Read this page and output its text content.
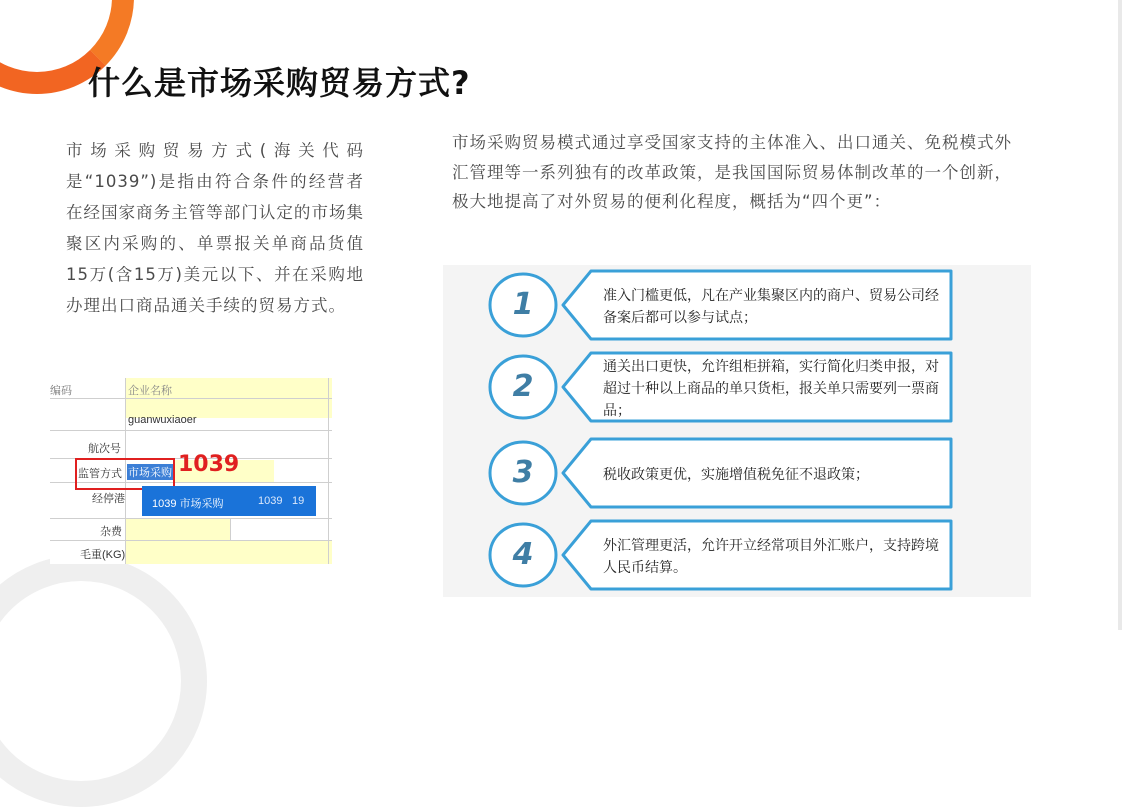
什么是市场采购贸易方式?
市场采购贸易方式(海关代码是“1039”)是指由符合条件的经营者在经国家商务主管等部门认定的市场集聚区内采购的、单票报关单商品货值15万(含15万)美元以下、并在采购地办理出口商品通关手续的贸易方式。
市场采购贸易模式通过享受国家支持的主体准入、出口通关、免税模式外汇管理等一系列独有的改革政策，是我国国际贸易体制改革的一个创新，极大地提高了对外贸易的便利化程度，概括为“四个更”：
编码	企业名称
guanwuxiaoer
航次号
监管方式 市场采购 1039
经停港 1039 市场采购	1039 19
杂费
毛重(KG)
1	准入门槛更低，凡在产业集聚区内的商户、贸易公司经备案后都可以参与试点；
2
通关出口更快，允许组柜拼箱，实行简化归类申报，对超过十种以上商品的单只货柜，报关单只需要列一票商品；
3	税收政策更优，实施增值税免征不退政策；
4	外汇管理更活，允许开立经常项目外汇账户，支持跨境人民币结算。
